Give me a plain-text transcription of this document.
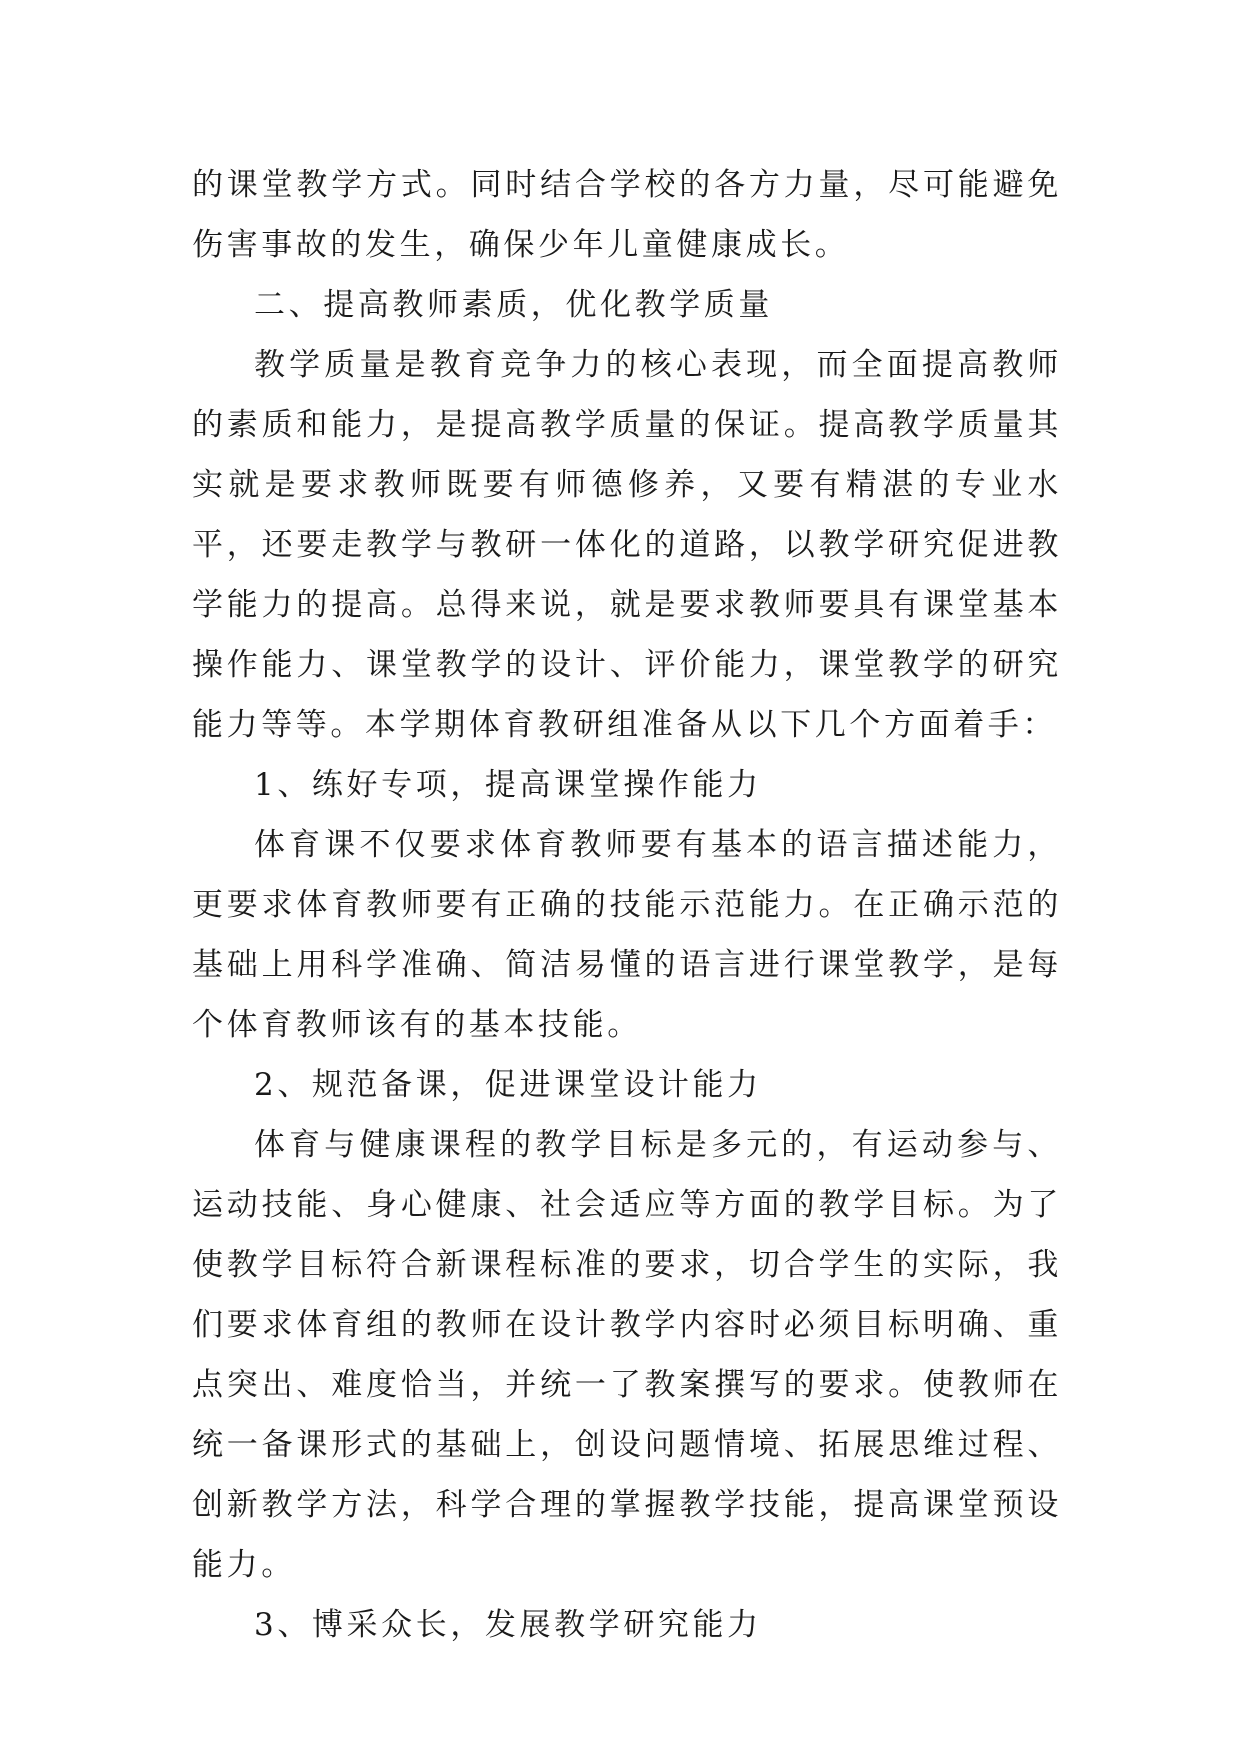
的课堂教学方式。同时结合学校的各方力量，尽可能避免伤害事故的发生，确保少年儿童健康成长。

二、提高教师素质，优化教学质量

教学质量是教育竞争力的核心表现，而全面提高教师的素质和能力，是提高教学质量的保证。提高教学质量其实就是要求教师既要有师德修养，又要有精湛的专业水平，还要走教学与教研一体化的道路，以教学研究促进教学能力的提高。总得来说，就是要求教师要具有课堂基本操作能力、课堂教学的设计、评价能力，课堂教学的研究能力等等。本学期体育教研组准备从以下几个方面着手：

1、练好专项，提高课堂操作能力

体育课不仅要求体育教师要有基本的语言描述能力，更要求体育教师要有正确的技能示范能力。在正确示范的基础上用科学准确、简洁易懂的语言进行课堂教学，是每个体育教师该有的基本技能。

2、规范备课，促进课堂设计能力

体育与健康课程的教学目标是多元的，有运动参与、运动技能、身心健康、社会适应等方面的教学目标。为了使教学目标符合新课程标准的要求，切合学生的实际，我们要求体育组的教师在设计教学内容时必须目标明确、重点突出、难度恰当，并统一了教案撰写的要求。使教师在统一备课形式的基础上，创设问题情境、拓展思维过程、创新教学方法，科学合理的掌握教学技能，提高课堂预设能力。

3、博采众长，发展教学研究能力
